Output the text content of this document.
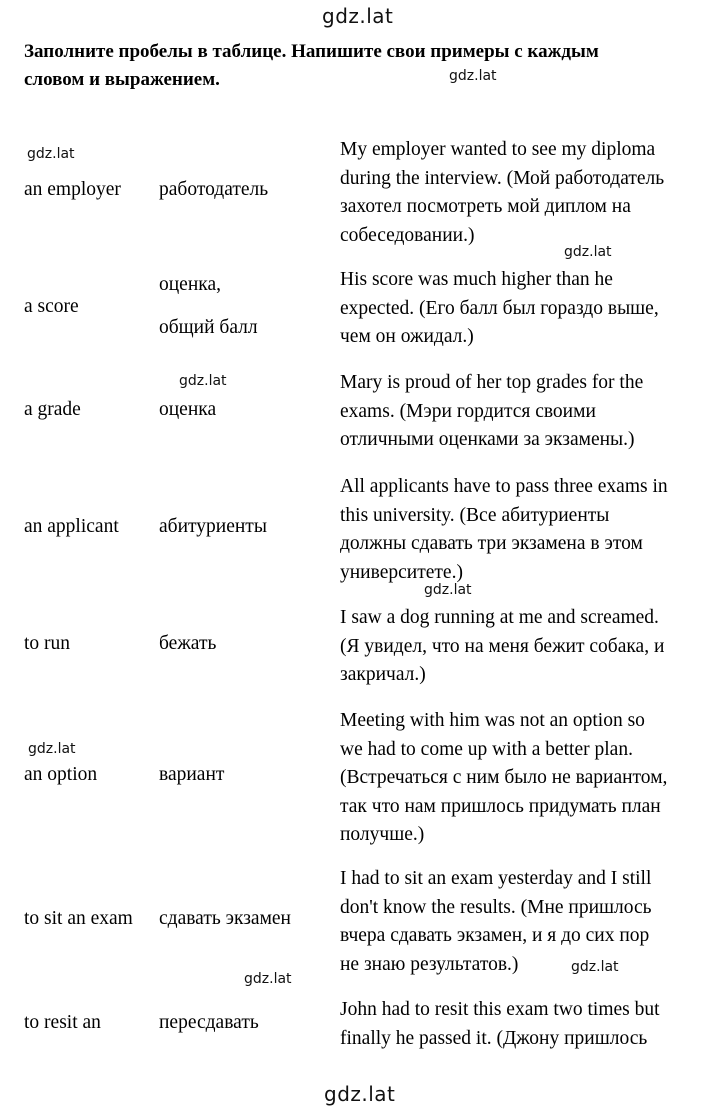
gdz.lat
gdz.lat
gdz.lat
gdz.lat
gdz.lat
gdz.lat
gdz.lat
gdz.lat
gdz.lat
gdz.lat
Заполните пробелы в таблице. Напишите свои примеры с каждым
словом и выражением.
an employer работодатель
My employer wanted to see my diploma
during the interview. (Мой работодатель
захотел посмотреть мой диплом на
собеседовании.)
a score
оценка,
общий балл
His score was much higher than he
expected. (Его балл был гораздо выше,
чем он ожидал.)
a grade	оценка
Mary is proud of her top grades for the
exams. (Мэри гордится своими
отличными оценками за экзамены.)
an applicant абитуриенты
All applicants have to pass three exams in
this university. (Все абитуриенты
должны сдавать три экзамена в этом
университете.)
to run	бежать
I saw a dog running at me and screamed.
(Я увидел, что на меня бежит собака, и
закричал.)
an option	вариант
Meeting with him was not an option so
we had to come up with a better plan.
(Встречаться с ним было не вариантом,
так что нам пришлось придумать план
получше.)
to sit an exam сдавать экзамен
I had to sit an exam yesterday and I still
don't know the results. (Мне пришлось
вчера сдавать экзамен, и я до сих пор
не знаю результатов.)
to resit an	пересдавать
John had to resit this exam two times but
finally he passed it. (Джону пришлось
